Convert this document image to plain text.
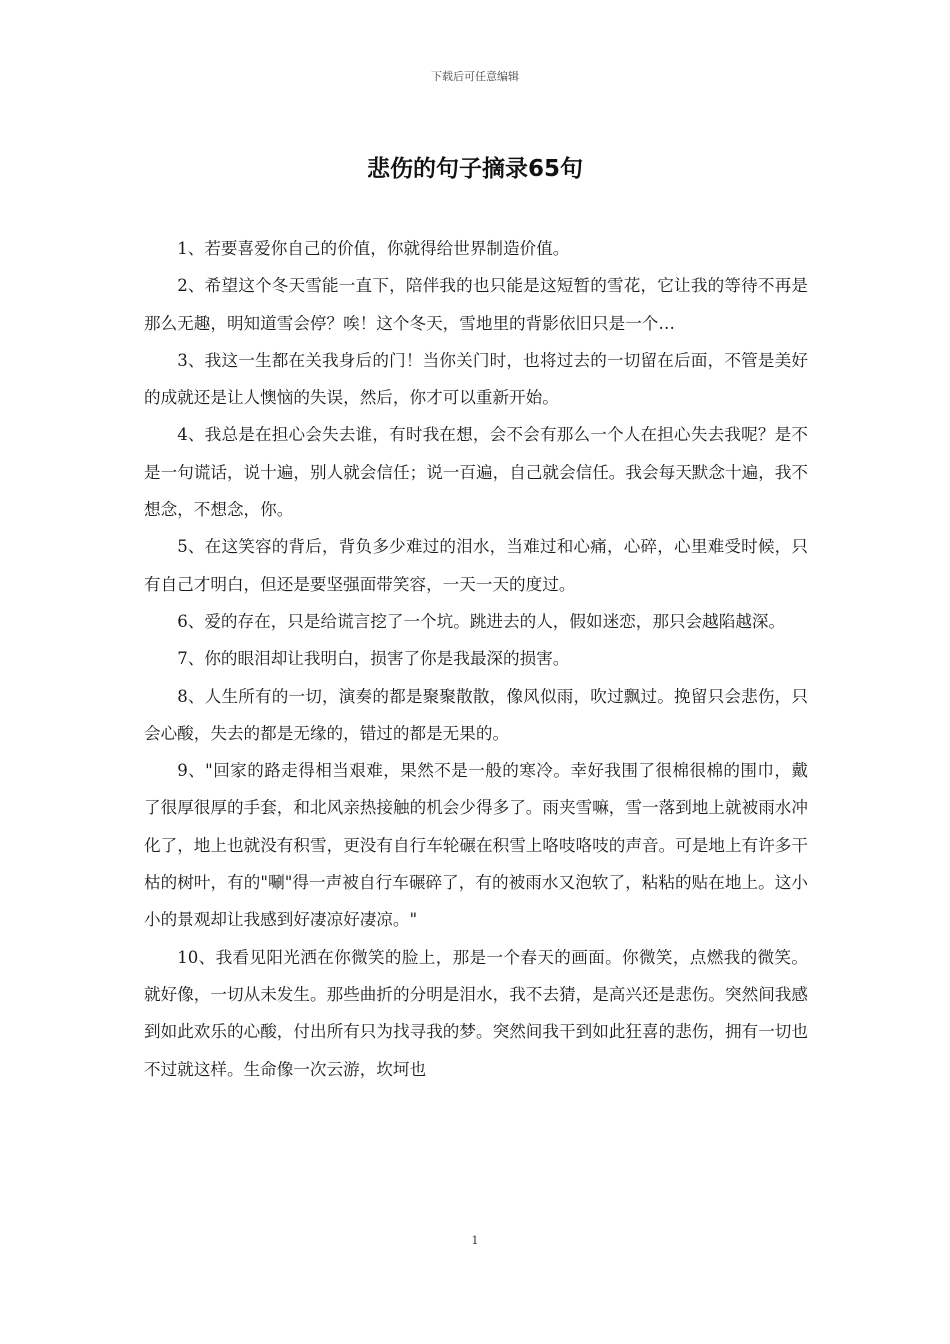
下载后可任意编辑
悲伤的句子摘录65句

1、若要喜爱你自己的价值，你就得给世界制造价值。

2、希望这个冬天雪能一直下，陪伴我的也只能是这短暂的雪花，它让我的等待不再是那么无趣，明知道雪会停？唉！这个冬天，雪地里的背影依旧只是一个…

3、我这一生都在关我身后的门！当你关门时，也将过去的一切留在后面，不管是美好的成就还是让人懊恼的失误，然后，你才可以重新开始。

4、我总是在担心会失去谁，有时我在想，会不会有那么一个人在担心失去我呢？是不是一句谎话，说十遍，别人就会信任；说一百遍，自己就会信任。我会每天默念十遍，我不想念，不想念，你。

5、在这笑容的背后，背负多少难过的泪水，当难过和心痛，心碎，心里难受时候，只有自己才明白，但还是要坚强面带笑容，一天一天的度过。

6、爱的存在，只是给谎言挖了一个坑。跳进去的人，假如迷恋，那只会越陷越深。

7、你的眼泪却让我明白，损害了你是我最深的损害。

8、人生所有的一切，演奏的都是聚聚散散，像风似雨，吹过飘过。挽留只会悲伤，只会心酸，失去的都是无缘的，错过的都是无果的。

9、"回家的路走得相当艰难，果然不是一般的寒冷。幸好我围了很棉很棉的围巾，戴了很厚很厚的手套，和北风亲热接触的机会少得多了。雨夹雪嘛，雪一落到地上就被雨水冲化了，地上也就没有积雪，更没有自行车轮碾在积雪上咯吱咯吱的声音。可是地上有许多干枯的树叶，有的"唰"得一声被自行车碾碎了，有的被雨水又泡软了，粘粘的贴在地上。这小小的景观却让我感到好凄凉好凄凉。"

10、我看见阳光洒在你微笑的脸上，那是一个春天的画面。你微笑，点燃我的微笑。就好像，一切从未发生。那些曲折的分明是泪水，我不去猜，是高兴还是悲伤。突然间我感到如此欢乐的心酸，付出所有只为找寻我的梦。突然间我干到如此狂喜的悲伤，拥有一切也不过就这样。生命像一次云游，坎坷也

1
